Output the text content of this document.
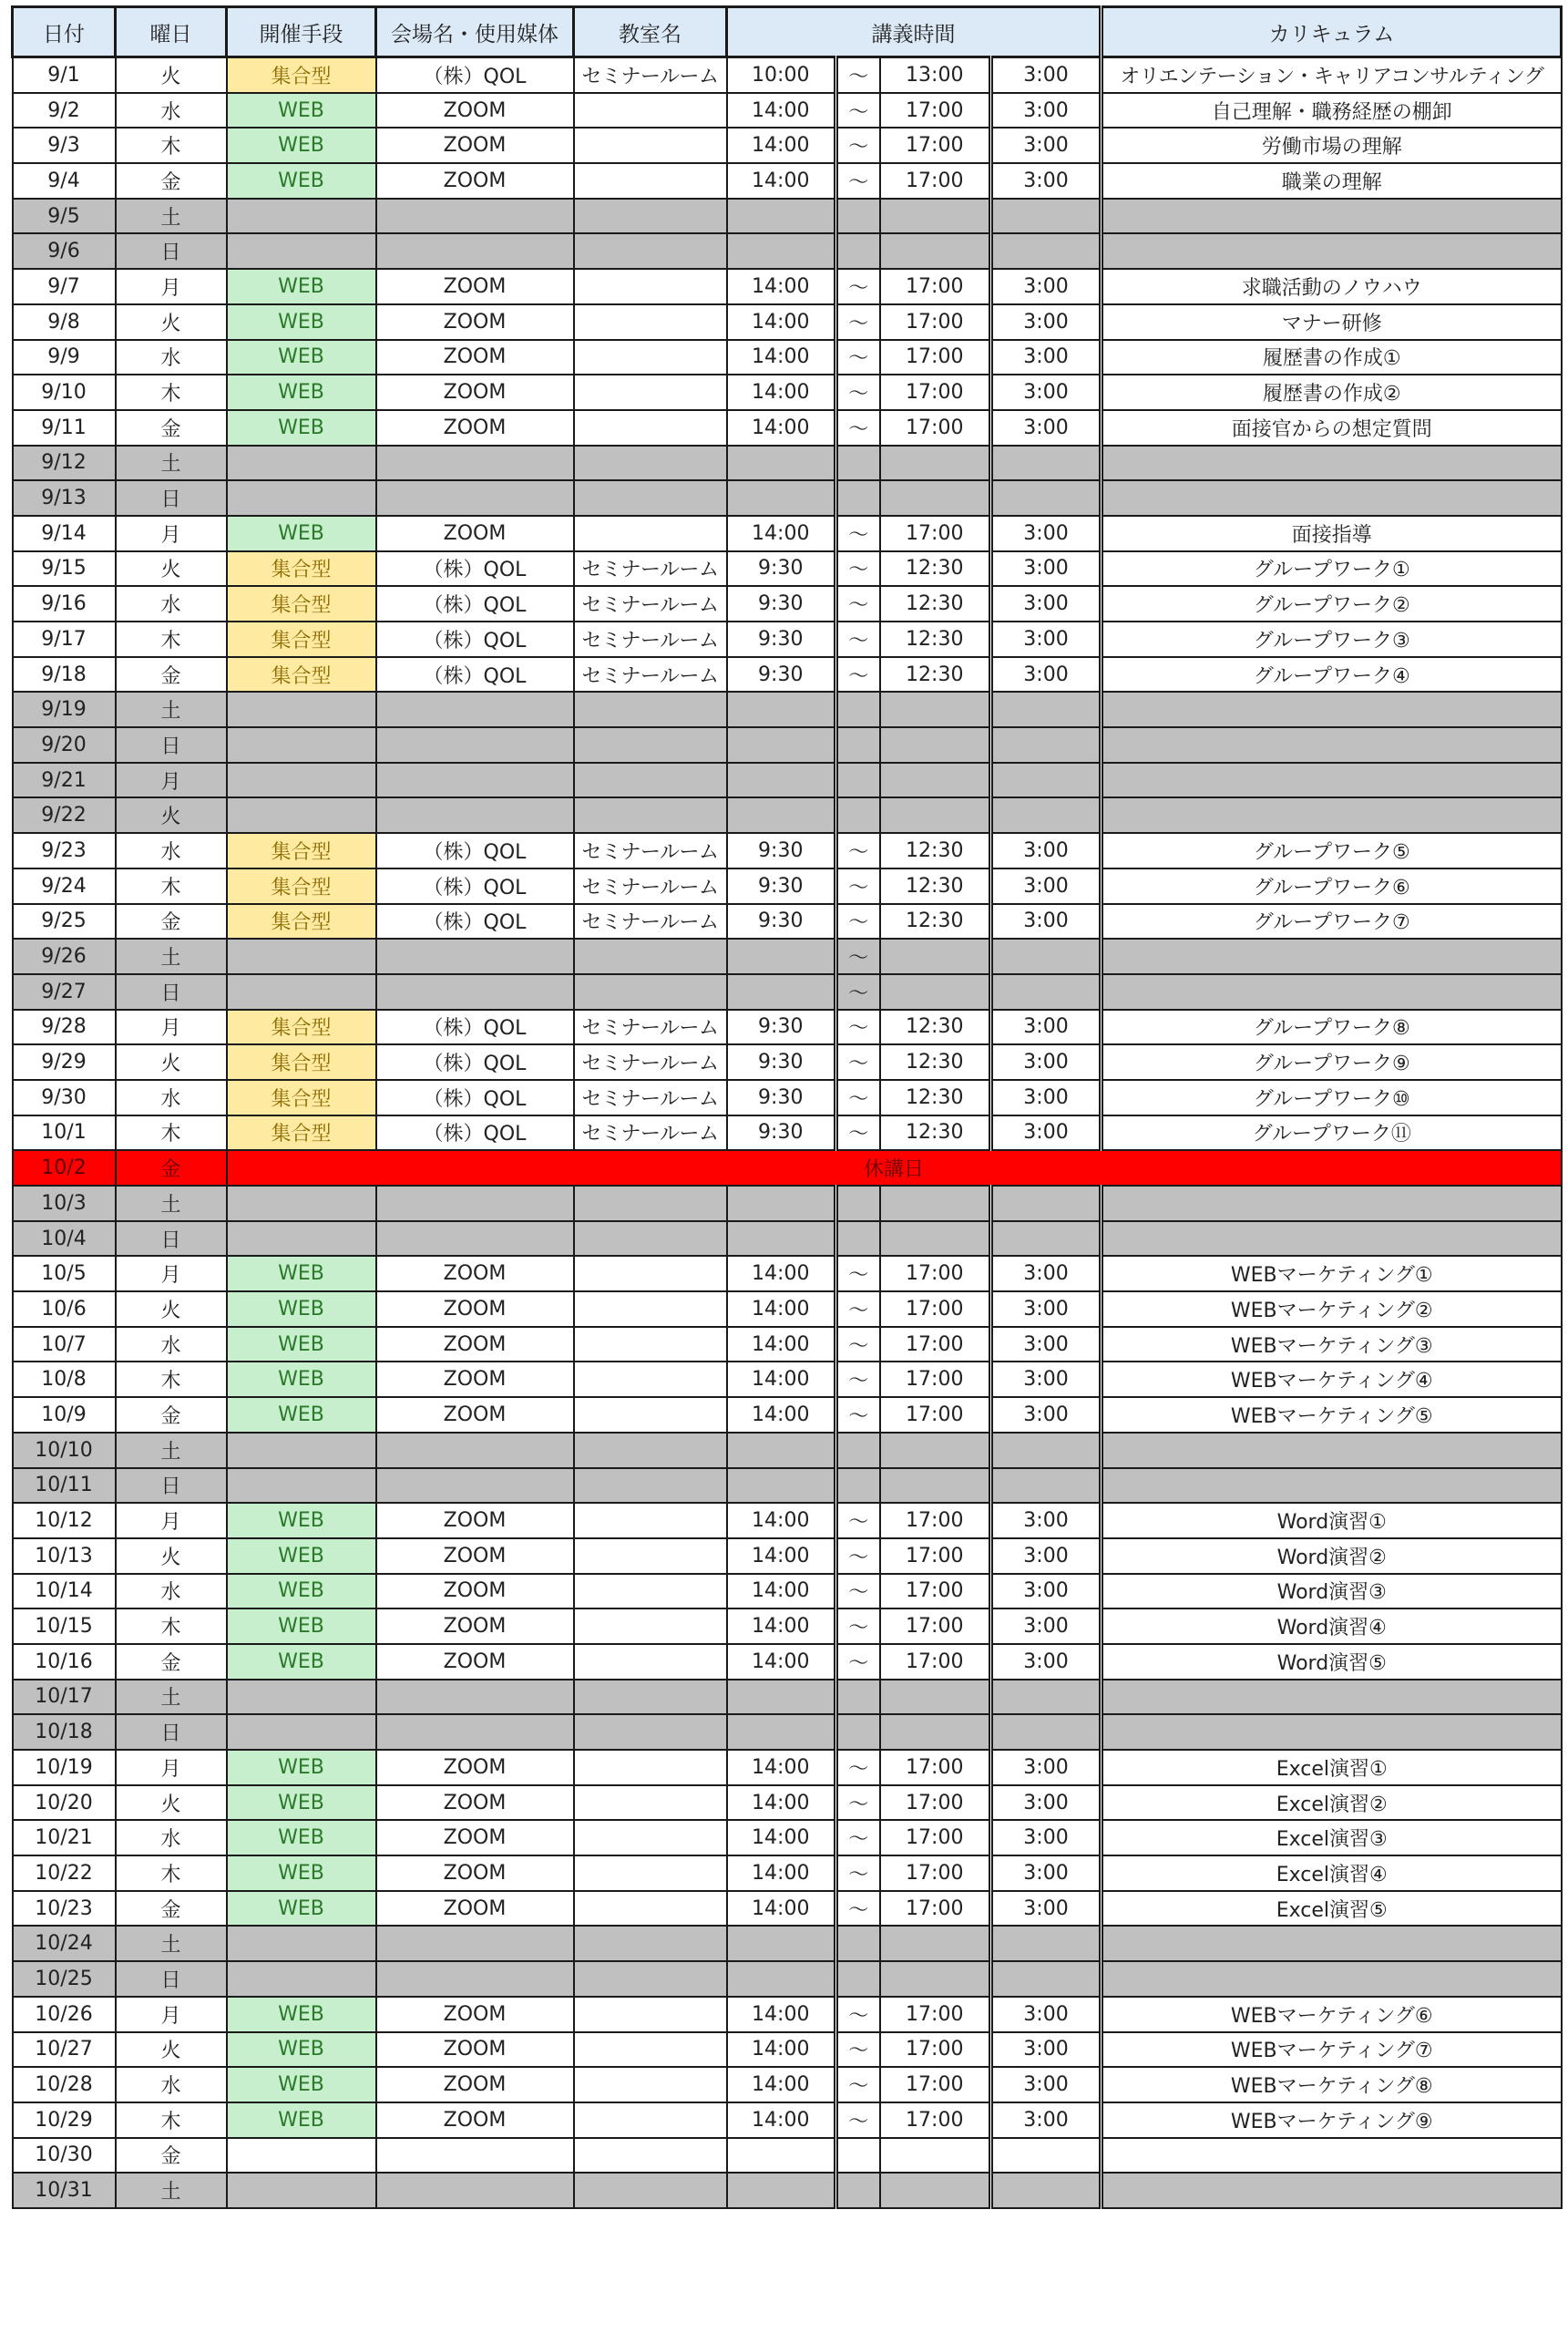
日付	曜日	開催手段	会場名・使用媒体	教室名	講義時間				カリキュラム
9/1	火	集合型	（株）QOL	セミナールーム	10:00	～	13:00	3:00	オリエンテーション・キャリアコンサルティング
9/2	水	WEB	ZOOM		14:00	～	17:00	3:00	自己理解・職務経歴の棚卸
9/3	木	WEB	ZOOM		14:00	～	17:00	3:00	労働市場の理解
9/4	金	WEB	ZOOM		14:00	～	17:00	3:00	職業の理解
9/5	土								
9/6	日								
9/7	月	WEB	ZOOM		14:00	～	17:00	3:00	求職活動のノウハウ
9/8	火	WEB	ZOOM		14:00	～	17:00	3:00	マナー研修
9/9	水	WEB	ZOOM		14:00	～	17:00	3:00	履歴書の作成①
9/10	木	WEB	ZOOM		14:00	～	17:00	3:00	履歴書の作成②
9/11	金	WEB	ZOOM		14:00	～	17:00	3:00	面接官からの想定質問
9/12	土								
9/13	日								
9/14	月	WEB	ZOOM		14:00	～	17:00	3:00	面接指導
9/15	火	集合型	（株）QOL	セミナールーム	9:30	～	12:30	3:00	グループワーク①
9/16	水	集合型	（株）QOL	セミナールーム	9:30	～	12:30	3:00	グループワーク②
9/17	木	集合型	（株）QOL	セミナールーム	9:30	～	12:30	3:00	グループワーク③
9/18	金	集合型	（株）QOL	セミナールーム	9:30	～	12:30	3:00	グループワーク④
9/19	土								
9/20	日								
9/21	月								
9/22	火								
9/23	水	集合型	（株）QOL	セミナールーム	9:30	～	12:30	3:00	グループワーク⑤
9/24	木	集合型	（株）QOL	セミナールーム	9:30	～	12:30	3:00	グループワーク⑥
9/25	金	集合型	（株）QOL	セミナールーム	9:30	～	12:30	3:00	グループワーク⑦
9/26	土					～			
9/27	日					～			
9/28	月	集合型	（株）QOL	セミナールーム	9:30	～	12:30	3:00	グループワーク⑧
9/29	火	集合型	（株）QOL	セミナールーム	9:30	～	12:30	3:00	グループワーク⑨
9/30	水	集合型	（株）QOL	セミナールーム	9:30	～	12:30	3:00	グループワーク⑩
10/1	木	集合型	（株）QOL	セミナールーム	9:30	～	12:30	3:00	グループワーク⑪
10/2	金	休講日							
10/3	土								
10/4	日								
10/5	月	WEB	ZOOM		14:00	～	17:00	3:00	WEBマーケティング①
10/6	火	WEB	ZOOM		14:00	～	17:00	3:00	WEBマーケティング②
10/7	水	WEB	ZOOM		14:00	～	17:00	3:00	WEBマーケティング③
10/8	木	WEB	ZOOM		14:00	～	17:00	3:00	WEBマーケティング④
10/9	金	WEB	ZOOM		14:00	～	17:00	3:00	WEBマーケティング⑤
10/10	土								
10/11	日								
10/12	月	WEB	ZOOM		14:00	～	17:00	3:00	Word演習①
10/13	火	WEB	ZOOM		14:00	～	17:00	3:00	Word演習②
10/14	水	WEB	ZOOM		14:00	～	17:00	3:00	Word演習③
10/15	木	WEB	ZOOM		14:00	～	17:00	3:00	Word演習④
10/16	金	WEB	ZOOM		14:00	～	17:00	3:00	Word演習⑤
10/17	土								
10/18	日								
10/19	月	WEB	ZOOM		14:00	～	17:00	3:00	Excel演習①
10/20	火	WEB	ZOOM		14:00	～	17:00	3:00	Excel演習②
10/21	水	WEB	ZOOM		14:00	～	17:00	3:00	Excel演習③
10/22	木	WEB	ZOOM		14:00	～	17:00	3:00	Excel演習④
10/23	金	WEB	ZOOM		14:00	～	17:00	3:00	Excel演習⑤
10/24	土								
10/25	日								
10/26	月	WEB	ZOOM		14:00	～	17:00	3:00	WEBマーケティング⑥
10/27	火	WEB	ZOOM		14:00	～	17:00	3:00	WEBマーケティング⑦
10/28	水	WEB	ZOOM		14:00	～	17:00	3:00	WEBマーケティング⑧
10/29	木	WEB	ZOOM		14:00	～	17:00	3:00	WEBマーケティング⑨
10/30	金								
10/31	土								
